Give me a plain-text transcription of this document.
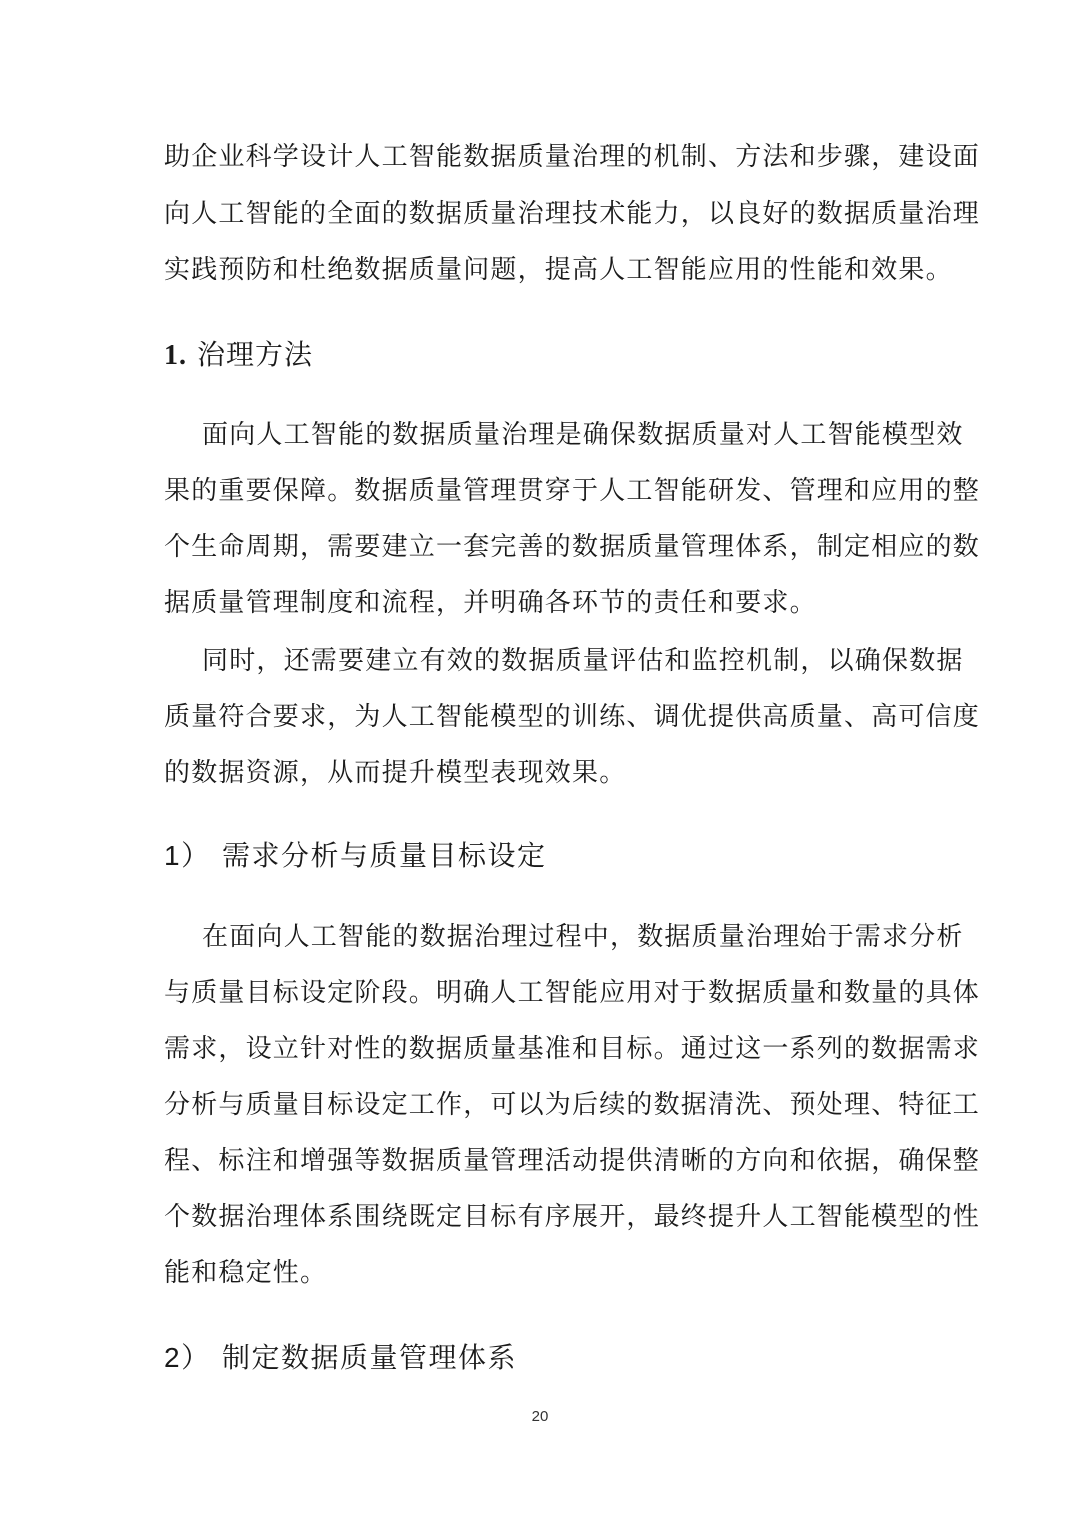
助企业科学设计人工智能数据质量治理的机制、方法和步骤，建设面
向人工智能的全面的数据质量治理技术能力，以良好的数据质量治理
实践预防和杜绝数据质量问题，提高人工智能应用的性能和效果。
1. 治理方法
面向人工智能的数据质量治理是确保数据质量对人工智能模型效
果的重要保障。数据质量管理贯穿于人工智能研发、管理和应用的整
个生命周期，需要建立一套完善的数据质量管理体系，制定相应的数
据质量管理制度和流程，并明确各环节的责任和要求。
同时，还需要建立有效的数据质量评估和监控机制，以确保数据
质量符合要求，为人工智能模型的训练、调优提供高质量、高可信度
的数据资源，从而提升模型表现效果。
1） 需求分析与质量目标设定
在面向人工智能的数据治理过程中，数据质量治理始于需求分析
与质量目标设定阶段。明确人工智能应用对于数据质量和数量的具体
需求，设立针对性的数据质量基准和目标。通过这一系列的数据需求
分析与质量目标设定工作，可以为后续的数据清洗、预处理、特征工
程、标注和增强等数据质量管理活动提供清晰的方向和依据，确保整
个数据治理体系围绕既定目标有序展开，最终提升人工智能模型的性
能和稳定性。
2） 制定数据质量管理体系
20
